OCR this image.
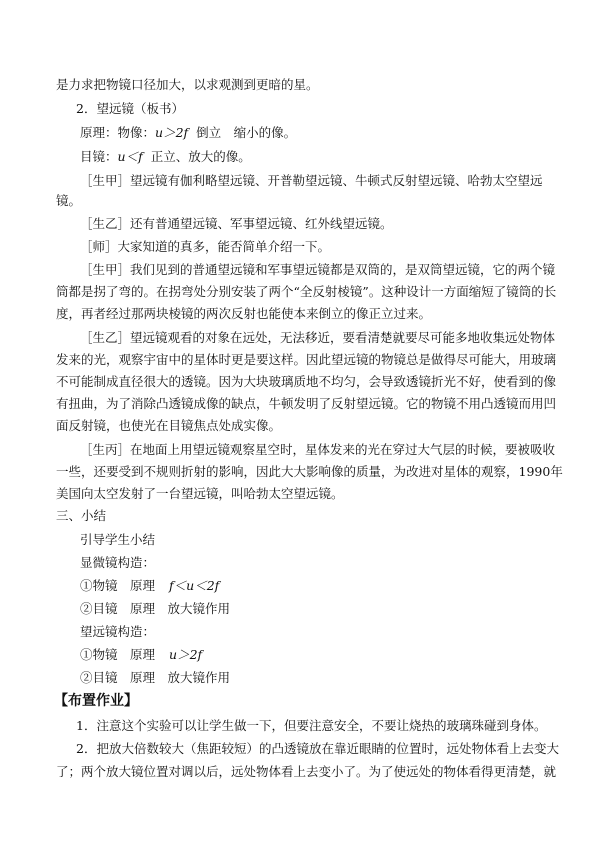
是力求把物镜口径加大，以求观测到更暗的星。
2．望远镜（板书）
原理：物像：u＞2f 倒立　缩小的像。
目镜：u＜f 正立、放大的像。
［生甲］望远镜有伽利略望远镜、开普勒望远镜、牛顿式反射望远镜、哈勃太空望远
镜。
［生乙］还有普通望远镜、军事望远镜、红外线望远镜。
［师］大家知道的真多，能否简单介绍一下。
［生甲］我们见到的普通望远镜和军事望远镜都是双筒的，是双筒望远镜，它的两个镜
筒都是拐了弯的。在拐弯处分别安装了两个“全反射棱镜”。这种设计一方面缩短了镜筒的长
度，再者经过那两块棱镜的两次反射也能使本来倒立的像正立过来。
［生乙］望远镜观看的对象在远处，无法移近，要看清楚就要尽可能多地收集远处物体
发来的光，观察宇宙中的星体时更是要这样。因此望远镜的物镜总是做得尽可能大，用玻璃
不可能制成直径很大的透镜。因为大块玻璃质地不均匀，会导致透镜折光不好，使看到的像
有扭曲，为了消除凸透镜成像的缺点，牛顿发明了反射望远镜。它的物镜不用凸透镜而用凹
面反射镜，也使光在目镜焦点处成实像。
［生丙］在地面上用望远镜观察星空时，星体发来的光在穿过大气层的时候，要被吸收
一些，还要受到不规则折射的影响，因此大大影响像的质量，为改进对星体的观察，1990年
美国向太空发射了一台望远镜，叫哈勃太空望远镜。
三、小结
引导学生小结
显微镜构造：
①物镜　原理 f＜u＜2f
②目镜　原理　放大镜作用
望远镜构造：
①物镜　原理 u＞2f
②目镜　原理　放大镜作用
【布置作业】
1．注意这个实验可以让学生做一下，但要注意安全，不要让烧热的玻璃珠碰到身体。
2．把放大倍数较大（焦距较短）的凸透镜放在靠近眼睛的位置时，远处物体看上去变大
了；两个放大镜位置对调以后，远处物体看上去变小了。为了使远处的物体看得更清楚，就
